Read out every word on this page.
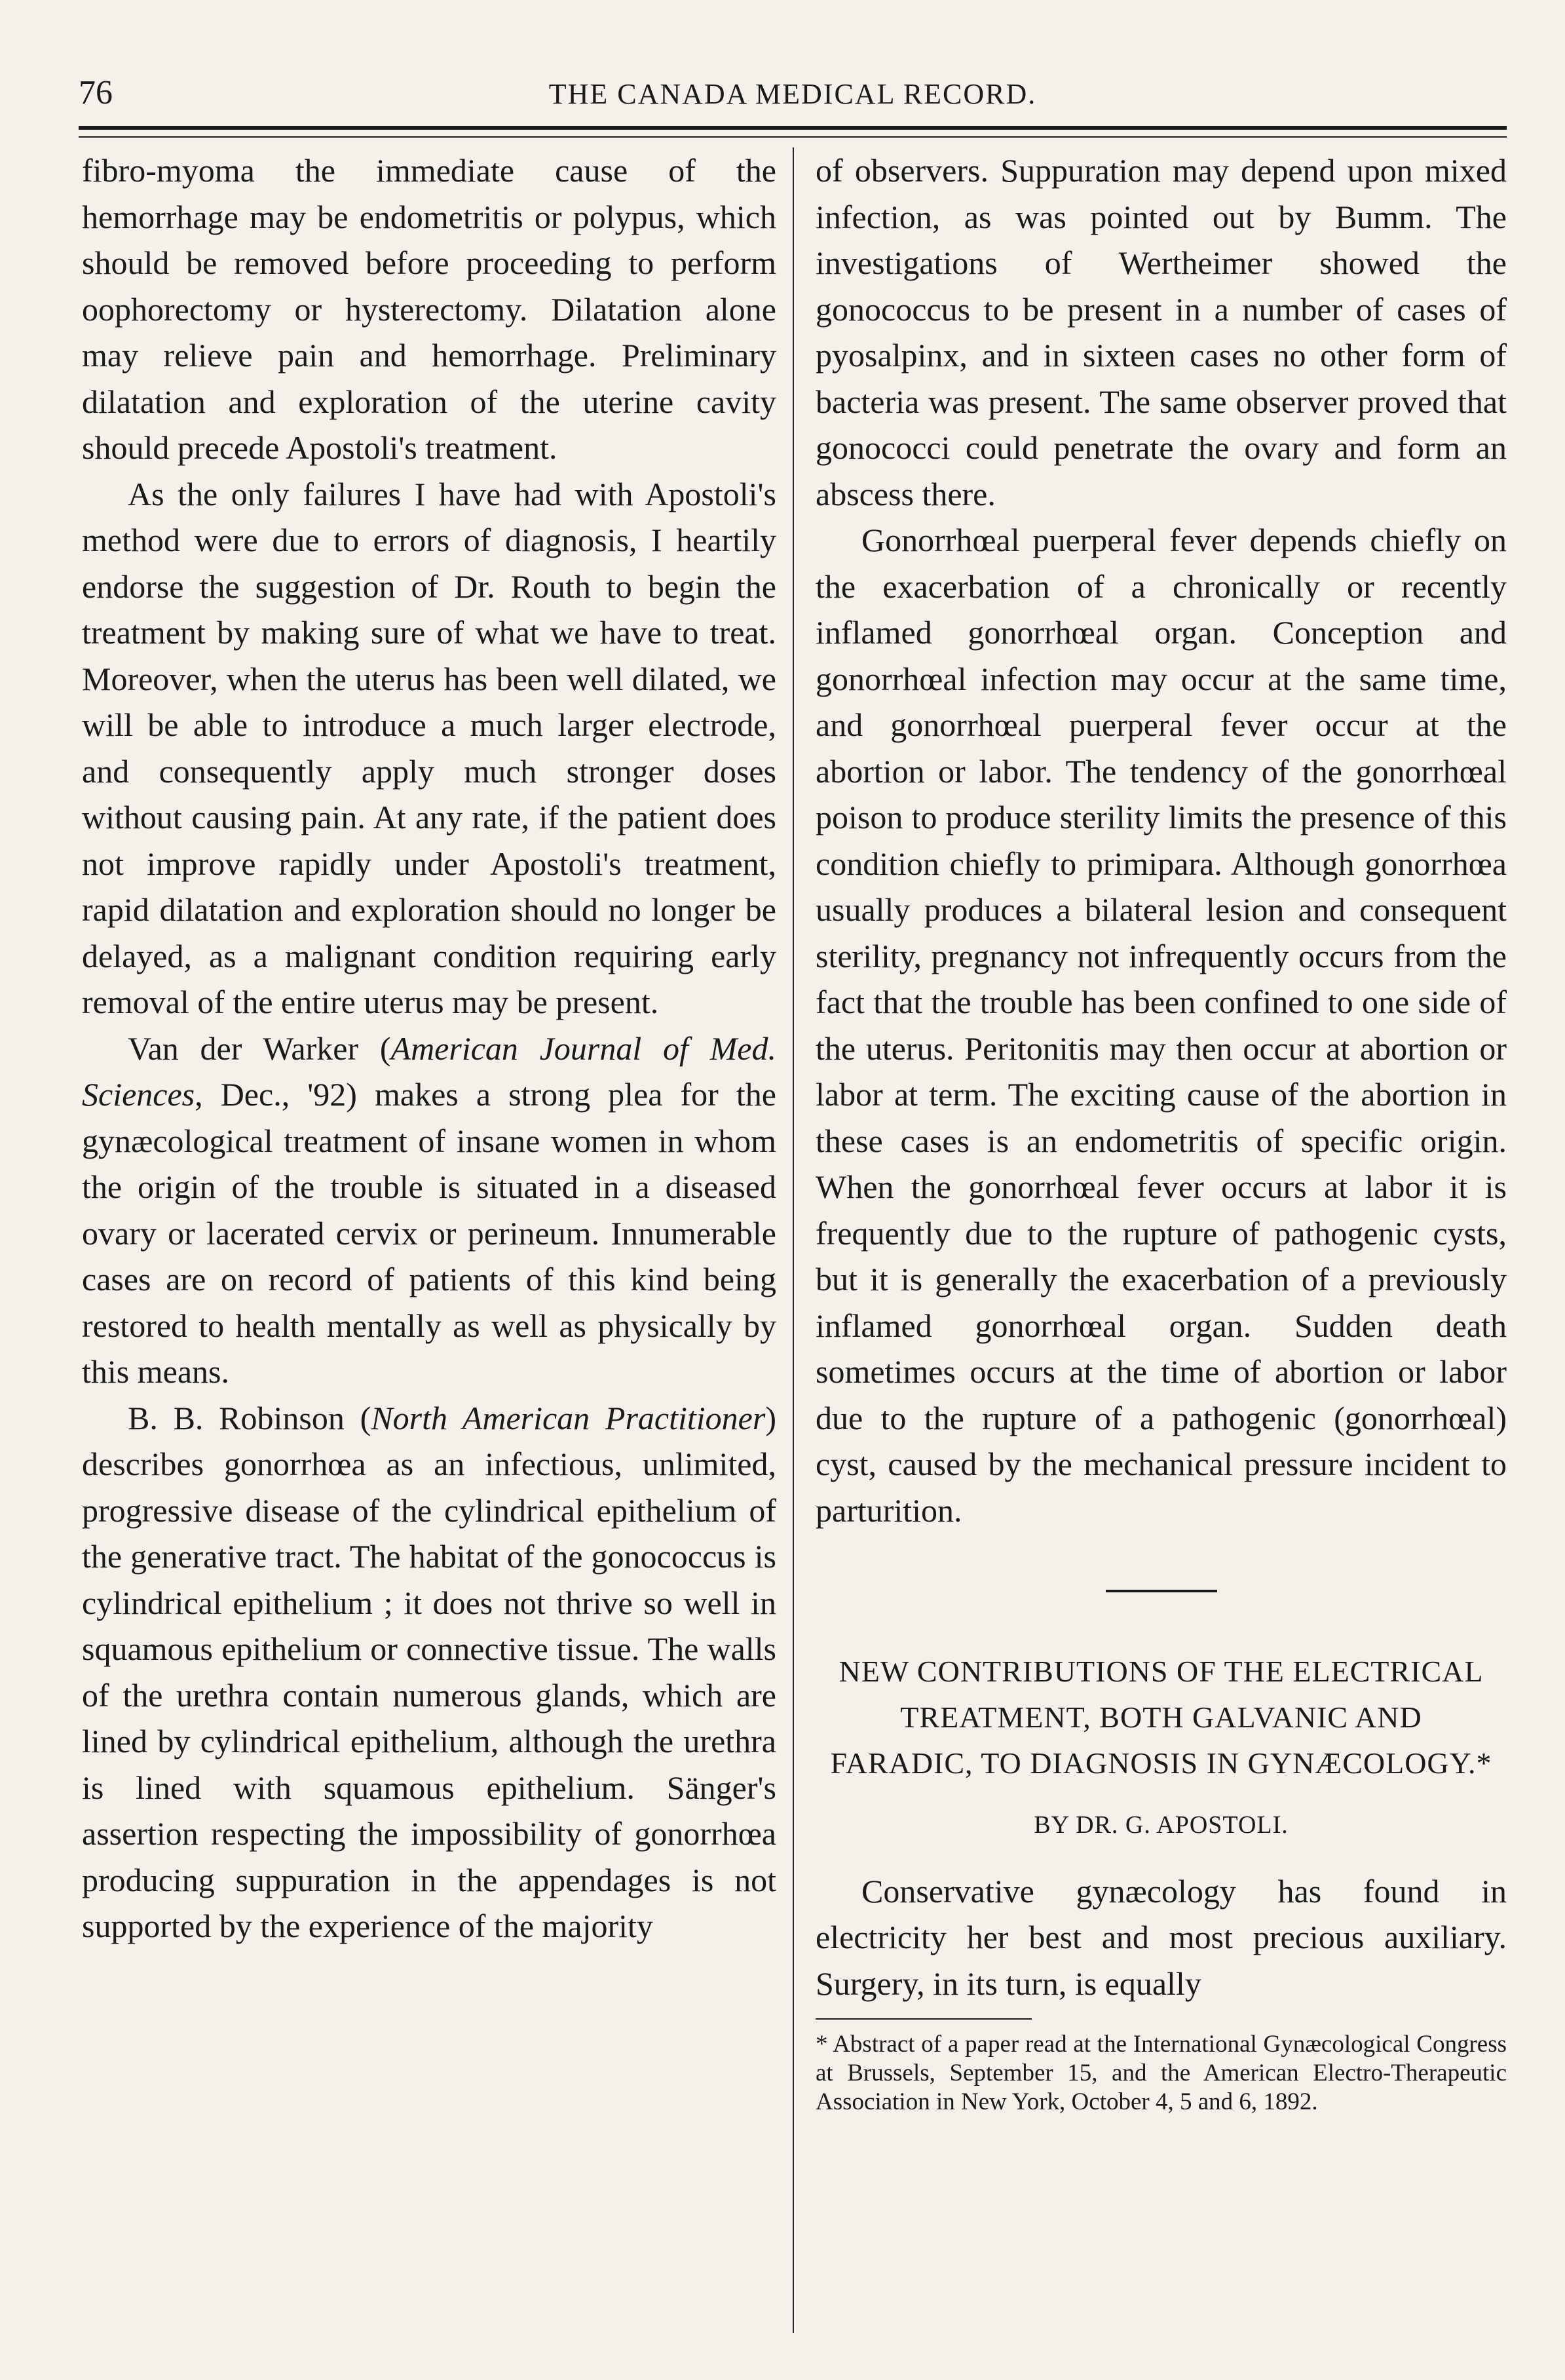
76	THE CANADA MEDICAL RECORD.

fibro-myoma the immediate cause of the hemorrhage may be endometritis or polypus, which should be removed before proceeding to perform oophorectomy or hysterectomy. Dilatation alone may relieve pain and hemorrhage. Preliminary dilatation and exploration of the uterine cavity should precede Apostoli's treatment.

As the only failures I have had with Apostoli's method were due to errors of diagnosis, I heartily endorse the suggestion of Dr. Routh to begin the treatment by making sure of what we have to treat. Moreover, when the uterus has been well dilated, we will be able to introduce a much larger electrode, and consequently apply much stronger doses without causing pain. At any rate, if the patient does not improve rapidly under Apostoli's treatment, rapid dilatation and exploration should no longer be delayed, as a malignant condition requiring early removal of the entire uterus may be present.

Van der Warker (American Journal of Med. Sciences, Dec., '92) makes a strong plea for the gynæcological treatment of insane women in whom the origin of the trouble is situated in a diseased ovary or lacerated cervix or perineum. Innumerable cases are on record of patients of this kind being restored to health mentally as well as physically by this means.

B. B. Robinson (North American Practitioner) describes gonorrhœa as an infectious, unlimited, progressive disease of the cylindrical epithelium of the generative tract. The habitat of the gonococcus is cylindrical epithelium ; it does not thrive so well in squamous epithelium or connective tissue. The walls of the urethra contain numerous glands, which are lined by cylindrical epithelium, although the urethra is lined with squamous epithelium. Sänger's assertion respecting the impossibility of gonorrhœa producing suppuration in the appendages is not supported by the experience of the majority

of observers. Suppuration may depend upon mixed infection, as was pointed out by Bumm. The investigations of Wertheimer showed the gonococcus to be present in a number of cases of pyosalpinx, and in sixteen cases no other form of bacteria was present. The same observer proved that gonococci could penetrate the ovary and form an abscess there.

Gonorrhœal puerperal fever depends chiefly on the exacerbation of a chronically or recently inflamed gonorrhœal organ. Conception and gonorrhœal infection may occur at the same time, and gonorrhœal puerperal fever occur at the abortion or labor. The tendency of the gonorrhœal poison to produce sterility limits the presence of this condition chiefly to primipara. Although gonorrhœa usually produces a bilateral lesion and consequent sterility, pregnancy not infrequently occurs from the fact that the trouble has been confined to one side of the uterus. Peritonitis may then occur at abortion or labor at term. The exciting cause of the abortion in these cases is an endometritis of specific origin. When the gonorrhœal fever occurs at labor it is frequently due to the rupture of pathogenic cysts, but it is generally the exacerbation of a previously inflamed gonorrhœal organ. Sudden death sometimes occurs at the time of abortion or labor due to the rupture of a pathogenic (gonorrhœal) cyst, caused by the mechanical pressure incident to parturition.

NEW CONTRIBUTIONS OF THE ELECTRICAL TREATMENT, BOTH GALVANIC AND FARADIC, TO DIAGNOSIS IN GYNÆCOLOGY.*
BY DR. G. APOSTOLI.

Conservative gynæcology has found in electricity her best and most precious auxiliary. Surgery, in its turn, is equally

* Abstract of a paper read at the International Gynæcological Congress at Brussels, September 15, and the American Electro-Therapeutic Association in New York, October 4, 5 and 6, 1892.
